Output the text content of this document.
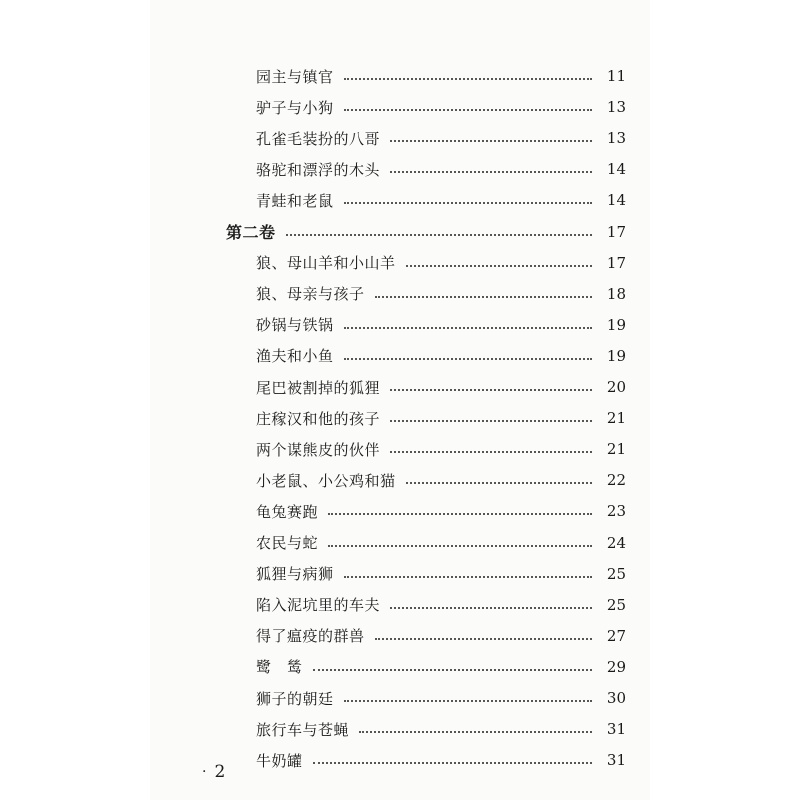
园主与镇官	11
驴子与小狗	13
孔雀毛装扮的八哥	13
骆驼和漂浮的木头	14
青蛙和老鼠	14
第二卷	17
狼、母山羊和小山羊	17
狼、母亲与孩子	18
砂锅与铁锅	19
渔夫和小鱼	19
尾巴被割掉的狐狸	20
庄稼汉和他的孩子	21
两个谋熊皮的伙伴	21
小老鼠、小公鸡和猫	22
龟兔赛跑	23
农民与蛇	24
狐狸与病狮	25
陷入泥坑里的车夫	25
得了瘟疫的群兽	27
鹭　鸶	29
狮子的朝廷	30
旅行车与苍蝇	31
牛奶罐	31
· 2
